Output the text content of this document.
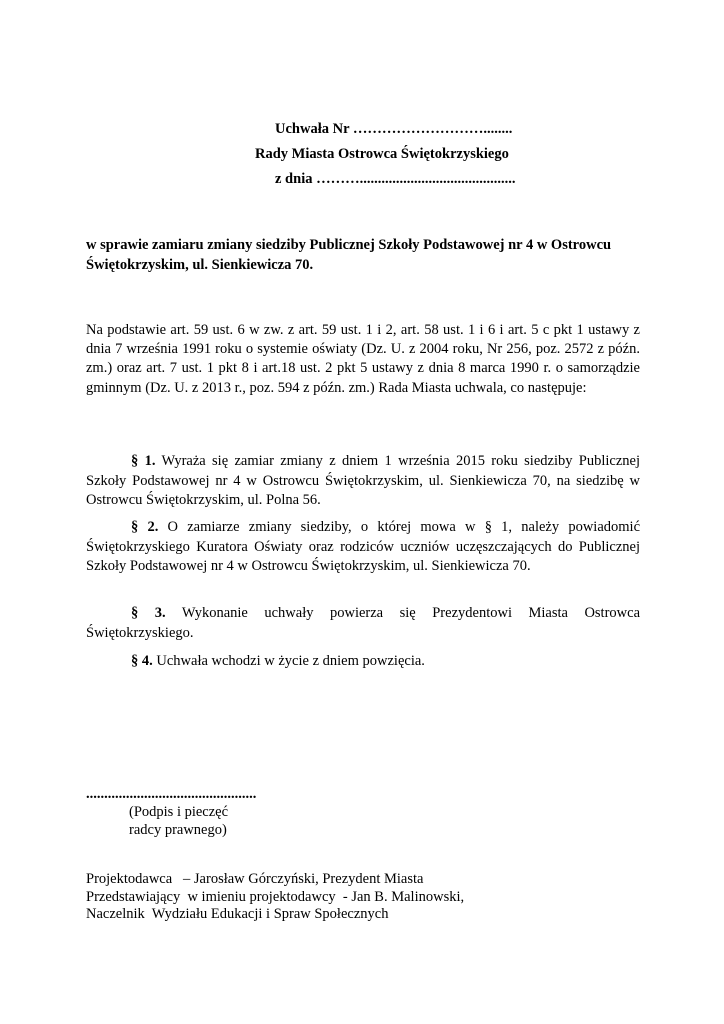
Uchwała Nr ………………………........
Rady Miasta Ostrowca Świętokrzyskiego
z dnia ………...........................................
w sprawie zamiaru zmiany siedziby Publicznej Szkoły Podstawowej nr 4 w Ostrowcu Świętokrzyskim, ul. Sienkiewicza 70.
Na podstawie art. 59 ust. 6 w zw. z art. 59 ust. 1 i 2, art. 58 ust. 1 i 6 i art. 5 c pkt 1 ustawy z dnia 7 września 1991 roku o systemie oświaty (Dz. U. z 2004 roku, Nr 256, poz. 2572 z późn. zm.) oraz art. 7 ust. 1 pkt 8 i art.18 ust. 2 pkt 5 ustawy z dnia 8 marca 1990 r. o samorządzie gminnym (Dz. U. z 2013 r., poz. 594 z późn. zm.) Rada Miasta uchwala, co następuje:
§ 1. Wyraża się zamiar zmiany z dniem 1 września 2015 roku siedziby Publicznej Szkoły Podstawowej nr 4 w Ostrowcu Świętokrzyskim, ul. Sienkiewicza 70, na siedzibę w Ostrowcu Świętokrzyskim, ul. Polna 56.
§ 2. O zamiarze zmiany siedziby, o której mowa w § 1, należy powiadomić Świętokrzyskiego Kuratora Oświaty oraz rodziców uczniów uczęszczających do Publicznej Szkoły Podstawowej nr 4 w Ostrowcu Świętokrzyskim, ul. Sienkiewicza 70.
§ 3. Wykonanie uchwały powierza się Prezydentowi Miasta Ostrowca Świętokrzyskiego.
§ 4. Uchwała wchodzi w życie z dniem powzięcia.
...............................................
(Podpis i pieczęć
radcy prawnego)
Projektodawca   – Jarosław Górczyński, Prezydent Miasta
Przedstawiający  w imieniu projektodawcy  - Jan B. Malinowski,
Naczelnik  Wydziału Edukacji i Spraw Społecznych
